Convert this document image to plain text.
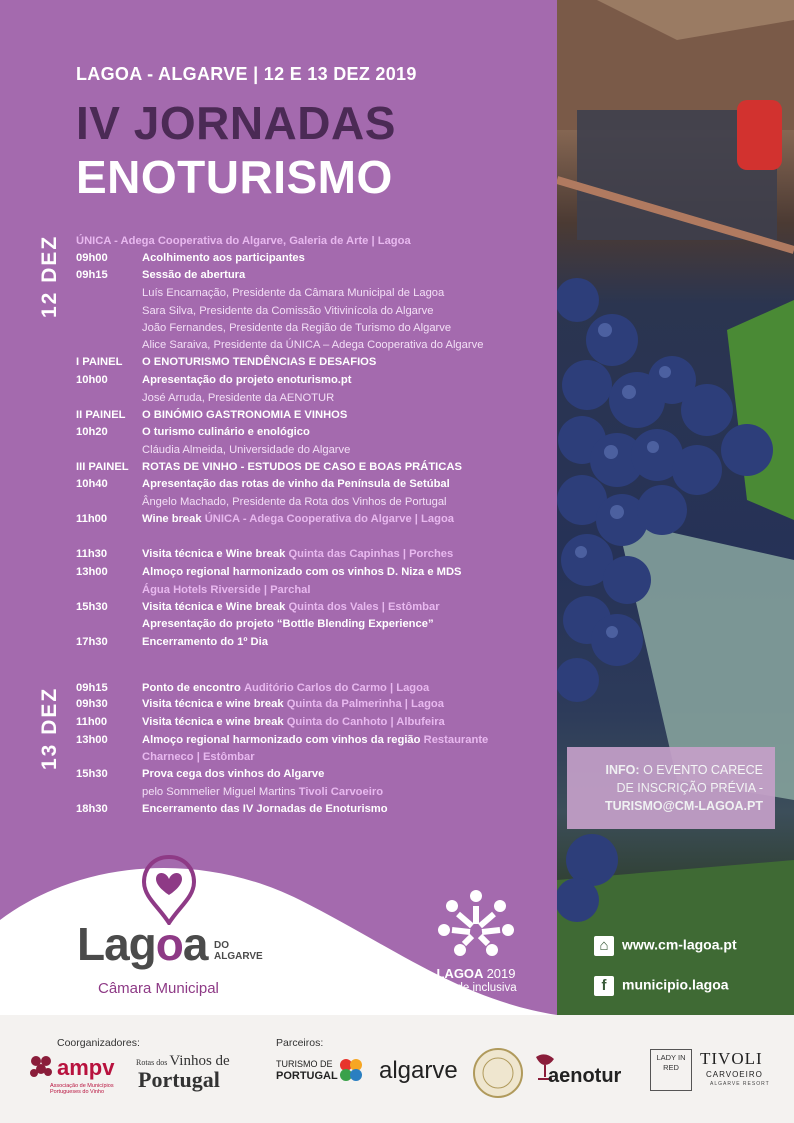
LAGOA - ALGARVE | 12 E 13 DEZ 2019
IV JORNADAS
ENOTURISMO
12 DEZ
13 DEZ
ÚNICA - Adega Cooperativa do Algarve, Galeria de Arte | Lagoa
09h00	Acolhimento aos participantes
09h15	Sessão de abertura
Luís Encarnação, Presidente da Câmara Municipal de Lagoa
Sara Silva, Presidente da Comissão Vitivinícola do Algarve
João Fernandes, Presidente da Região de Turismo do Algarve
Alice Saraiva, Presidente da ÚNICA – Adega Cooperativa do Algarve
I PAINEL O ENOTURISMO TENDÊNCIAS E DESAFIOS
10h00	Apresentação do projeto enoturismo.pt
José Arruda, Presidente da AENOTUR
II PAINEL O BINÓMIO GASTRONOMIA E VINHOS
10h20	O turismo culinário e enológico
Cláudia Almeida, Universidade do Algarve
III PAINEL ROTAS DE VINHO - ESTUDOS DE CASO E BOAS PRÁTICAS
10h40	Apresentação das rotas de vinho da Península de Setúbal
Ângelo Machado, Presidente da Rota dos Vinhos de Portugal
11h00	Wine break ÚNICA - Adega Cooperativa do Algarve | Lagoa
11h30	Visita técnica e Wine break Quinta das Capinhas | Porches
13h00	Almoço regional harmonizado com os vinhos D. Niza e MDS
Água Hotels Riverside | Parchal
15h30	Visita técnica e Wine break Quinta dos Vales | Estômbar
Apresentação do projeto “Bottle Blending Experience”
17h30	Encerramento do 1º Dia
09h15	Ponto de encontro Auditório Carlos do Carmo | Lagoa
09h30	Visita técnica e wine break Quinta da Palmerinha | Lagoa
11h00	Visita técnica e wine break Quinta do Canhoto | Albufeira
13h00	Almoço regional harmonizado com vinhos da região Restaurante
Charneco | Estômbar
15h30	Prova cega dos vinhos do Algarve
pelo Sommelier Miguel Martins Tivoli Carvoeiro
18h30	Encerramento das IV Jornadas de Enoturismo
Lagoa DO
ALGARVE
Câmara Municipal
LAGOA 2019
cidade inclusiva
INFO: O EVENTO CARECE
DE INSCRIÇÃO PRÉVIA -
TURISMO@CM-LAGOA.PT
⌂ www.cm-lagoa.pt
f municipio.lagoa
Coorganizadores:	Parceiros:
ampv
Associação de Municípios Portugueses do Vinho
Rotas dos Vinhos de
Portugal
TURISMO DE
PORTUGAL algarve	aenotur
LADY IN RED	TIVOLI
CARVOEIRO
ALGARVE RESORT
